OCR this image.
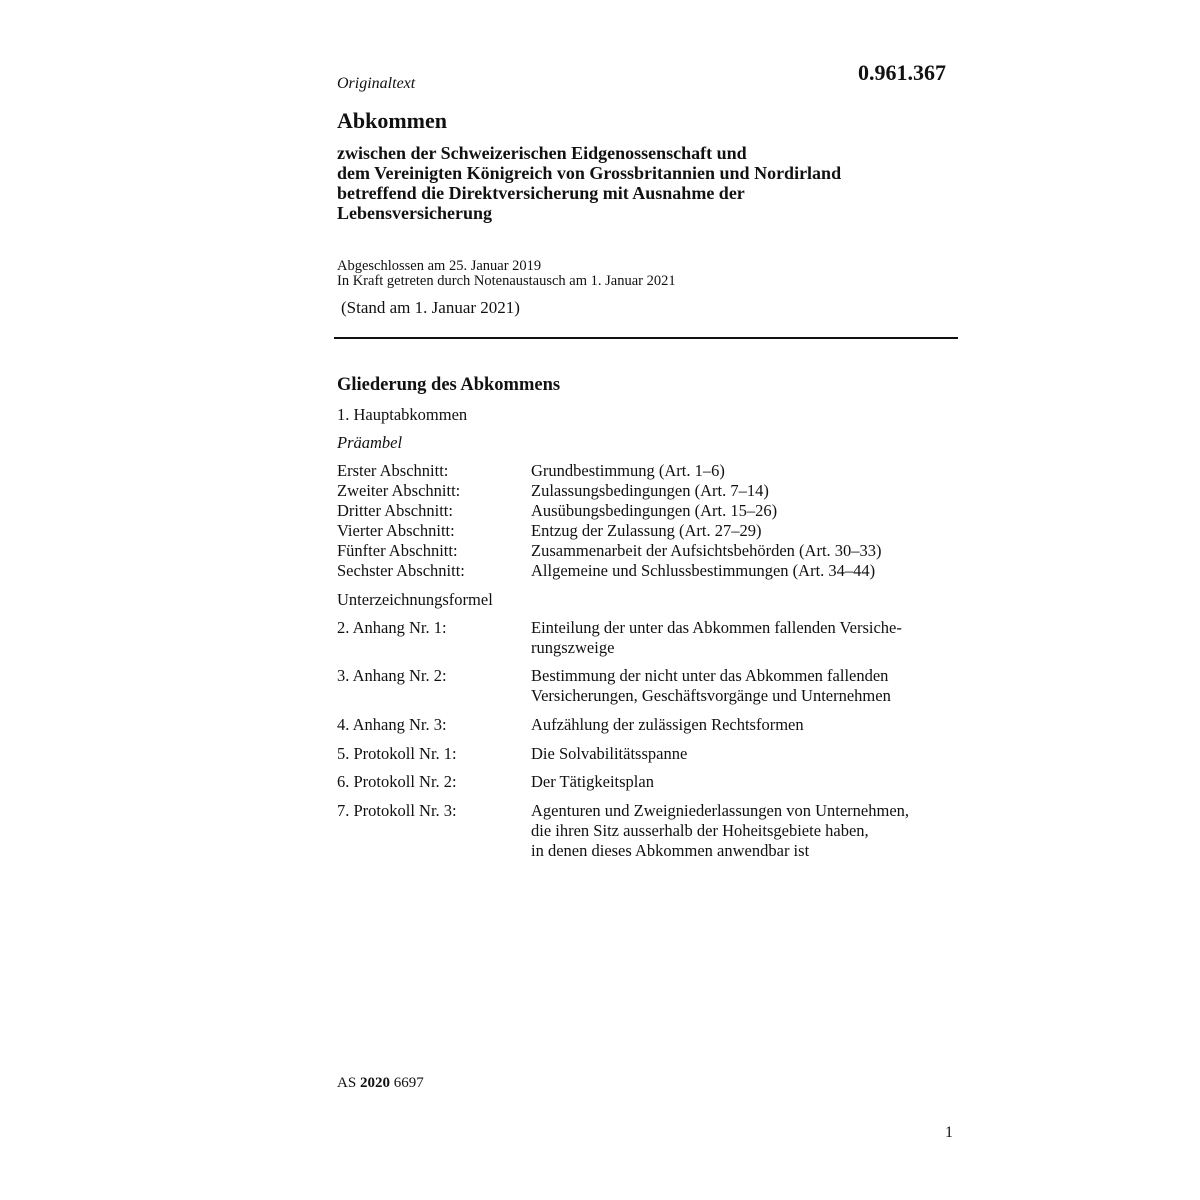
Originaltext	0.961.367
Abkommen
zwischen der Schweizerischen Eidgenossenschaft und
dem Vereinigten Königreich von Grossbritannien und Nordirland
betreffend die Direktversicherung mit Ausnahme der
Lebensversicherung
Abgeschlossen am 25. Januar 2019
In Kraft getreten durch Notenaustausch am 1. Januar 2021
(Stand am 1. Januar 2021)
Gliederung des Abkommens
1. Hauptabkommen
Präambel
Erster Abschnitt:	Grundbestimmung (Art. 1–6)
Zweiter Abschnitt:	Zulassungsbedingungen (Art. 7–14)
Dritter Abschnitt:	Ausübungsbedingungen (Art. 15–26)
Vierter Abschnitt:	Entzug der Zulassung (Art. 27–29)
Fünfter Abschnitt:	Zusammenarbeit der Aufsichtsbehörden (Art. 30–33)
Sechster Abschnitt:	Allgemeine und Schlussbestimmungen (Art. 34–44)
Unterzeichnungsformel
2. Anhang Nr. 1:	Einteilung der unter das Abkommen fallenden Versiche-
rungszweige
3. Anhang Nr. 2:	Bestimmung der nicht unter das Abkommen fallenden
Versicherungen, Geschäftsvorgänge und Unternehmen
4. Anhang Nr. 3:	Aufzählung der zulässigen Rechtsformen
5. Protokoll Nr. 1:	Die Solvabilitätsspanne
6. Protokoll Nr. 2:	Der Tätigkeitsplan
7. Protokoll Nr. 3:	Agenturen und Zweigniederlassungen von Unternehmen,
die ihren Sitz ausserhalb der Hoheitsgebiete haben,
in denen dieses Abkommen anwendbar ist
AS 2020 6697
1
